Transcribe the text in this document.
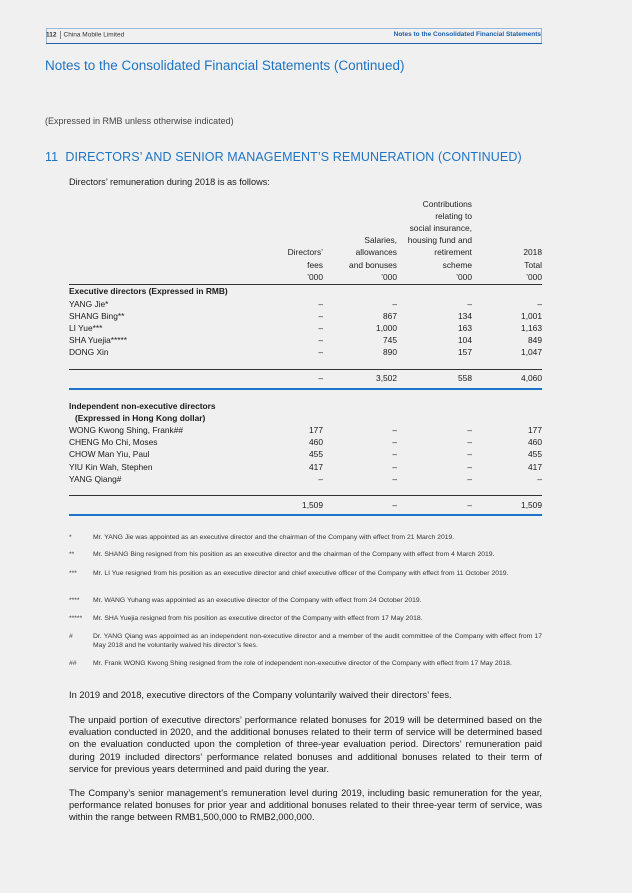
112 China Mobile Limited	Notes to the Consolidated Financial Statements
Notes to the Consolidated Financial Statements (Continued)
(Expressed in RMB unless otherwise indicated)
11 DIRECTORS’ AND SENIOR MANAGEMENT’S REMUNERATION (CONTINUED)
Directors’ remuneration during 2018 is as follows:
			Contributions	
			relating to	
			social insurance,	
		Salaries,	housing fund and	
	Directors’	allowances	retirement	2018
	fees	and bonuses	scheme	Total
	’000	’000	’000	’000
Executive directors (Expressed in RMB)				
YANG Jie*	–	–	–	–
SHANG Bing**	–	867	134	1,001
LI Yue***	–	1,000	163	1,163
SHA Yuejia*****	–	745	104	849
DONG Xin	–	890	157	1,047

	–	3,502	558	4,060

Independent non-executive directors				
(Expressed in Hong Kong dollar)				
WONG Kwong Shing, Frank##	177	–	–	177
CHENG Mo Chi, Moses	460	–	–	460
CHOW Man Yiu, Paul	455	–	–	455
YIU Kin Wah, Stephen	417	–	–	417
YANG Qiang#	–	–	–	–

	1,509	–	–	1,509
*	Mr. YANG Jie was appointed as an executive director and the chairman of the Company with effect from 21 March 2019.
**	Mr. SHANG Bing resigned from his position as an executive director and the chairman of the Company with effect from 4 March 2019.
***	Mr. LI Yue resigned from his position as an executive director and chief executive officer of the Company with effect from 11 October 2019.
****	Mr. WANG Yuhang was appointed as an executive director of the Company with effect from 24 October 2019.
*****	Mr. SHA Yuejia resigned from his position as executive director of the Company with effect from 17 May 2018.
#	Dr. YANG Qiang was appointed as an independent non-executive director and a member of the audit committee of the Company with effect from 17 May 2018 and he voluntarily waived his director’s fees.
##	Mr. Frank WONG Kwong Shing resigned from the role of independent non-executive director of the Company with effect from 17 May 2018.
In 2019 and 2018, executive directors of the Company voluntarily waived their directors’ fees.
The unpaid portion of executive directors’ performance related bonuses for 2019 will be determined based on the evaluation conducted in 2020, and the additional bonuses related to their term of service will be determined based on the evaluation conducted upon the completion of three-year evaluation period. Directors’ remuneration paid during 2019 included directors’ performance related bonuses and additional bonuses related to their term of service for previous years determined and paid during the year.
The Company’s senior management’s remuneration level during 2019, including basic remuneration for the year, performance related bonuses for prior year and additional bonuses related to their three-year term of service, was within the range between RMB1,500,000 to RMB2,000,000.
